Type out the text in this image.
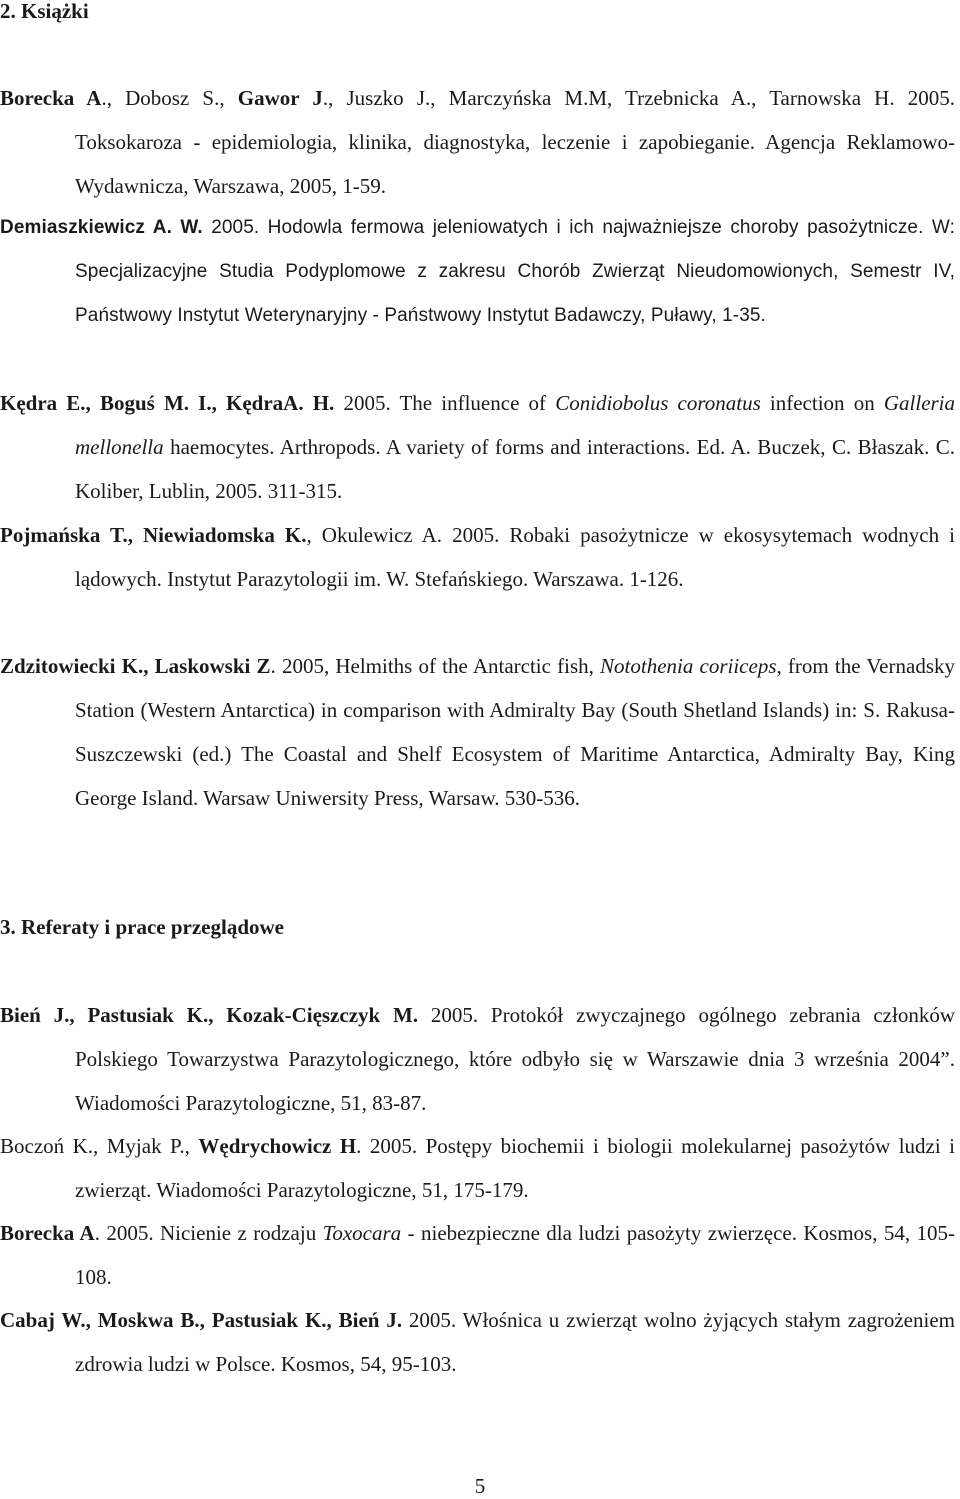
2. Książki

Borecka A., Dobosz S., Gawor J., Juszko J., Marczyńska M.M, Trzebnicka A., Tarnowska H. 2005. Toksokaroza - epidemiologia, klinika, diagnostyka, leczenie i zapobieganie. Agencja Reklamowo-Wydawnicza, Warszawa, 2005, 1-59.

Demiaszkiewicz A. W. 2005. Hodowla fermowa jeleniowatych i ich najważniejsze choroby pasożytnicze. W: Specjalizacyjne Studia Podyplomowe z zakresu Chorób Zwierząt Nieudomowionych, Semestr IV, Państwowy Instytut Weterynaryjny - Państwowy Instytut Badawczy, Puławy, 1-35.

Kędra E., Boguś M. I., KędraA. H. 2005. The influence of Conidiobolus coronatus infection on Galleria mellonella haemocytes. Arthropods. A variety of forms and interactions. Ed. A. Buczek, C. Błaszak. C. Koliber, Lublin, 2005. 311-315.

Pojmańska T., Niewiadomska K., Okulewicz A. 2005. Robaki pasożytnicze w ekosysytemach wodnych i lądowych. Instytut Parazytologii im. W. Stefańskiego. Warszawa. 1-126.

Zdzitowiecki K., Laskowski Z. 2005, Helmiths of the Antarctic fish, Notothenia coriiceps, from the Vernadsky Station (Western Antarctica) in comparison with Admiralty Bay (South Shetland Islands) in: S. Rakusa-Suszczewski (ed.) The Coastal and Shelf Ecosystem of Maritime Antarctica, Admiralty Bay, King George Island. Warsaw Uniwersity Press, Warsaw. 530-536.

3. Referaty i prace przeglądowe

Bień J., Pastusiak K., Kozak-Cięszczyk M. 2005. Protokół zwyczajnego ogólnego zebrania członków Polskiego Towarzystwa Parazytologicznego, które odbyło się w Warszawie dnia 3 września 2004”. Wiadomości Parazytologiczne, 51, 83-87.

Boczoń K., Myjak P., Wędrychowicz H. 2005. Postępy biochemii i biologii molekularnej pasożytów ludzi i zwierząt. Wiadomości Parazytologiczne, 51, 175-179.

Borecka A. 2005. Nicienie z rodzaju Toxocara - niebezpieczne dla ludzi pasożyty zwierzęce. Kosmos, 54, 105-108.

Cabaj W., Moskwa B., Pastusiak K., Bień J. 2005. Włośnica u zwierząt wolno żyjących stałym zagrożeniem zdrowia ludzi w Polsce. Kosmos, 54, 95-103.

5
